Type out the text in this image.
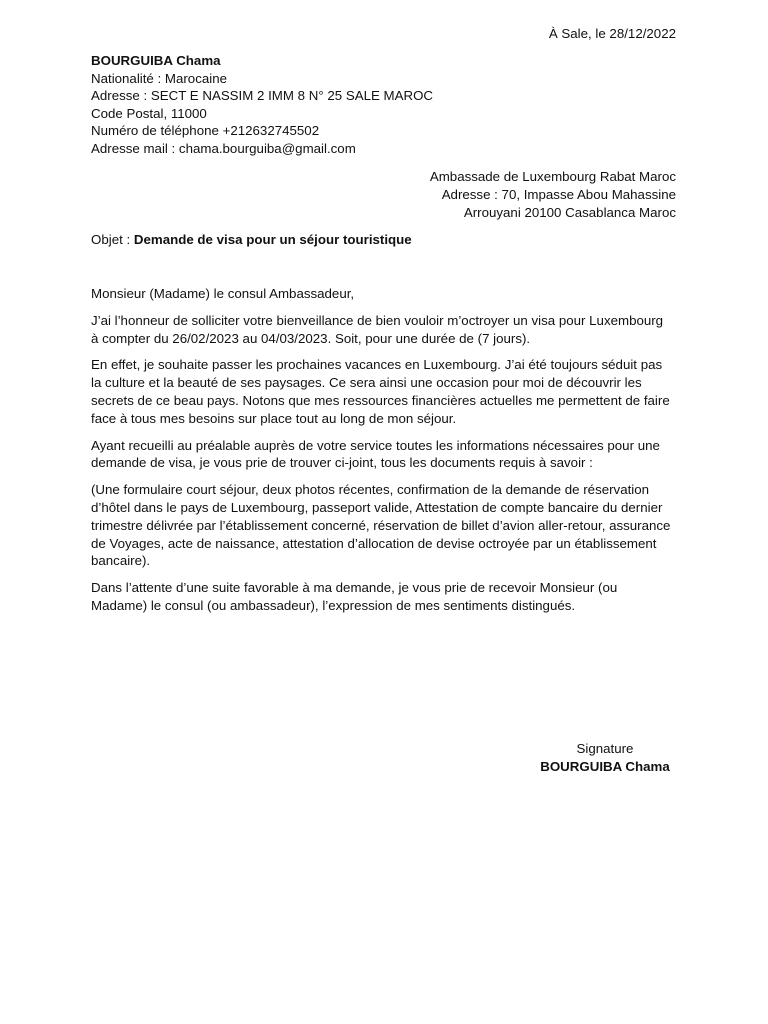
À Sale, le 28/12/2022
BOURGUIBA Chama
Nationalité : Marocaine
Adresse : SECT E NASSIM 2 IMM 8 N° 25 SALE MAROC
Code Postal, 11000
Numéro de téléphone +212632745502
Adresse mail : chama.bourguiba@gmail.com
Ambassade de Luxembourg Rabat Maroc
Adresse : 70, Impasse Abou Mahassine
Arrouyani 20100 Casablanca Maroc
Objet : Demande de visa pour un séjour touristique

Monsieur (Madame) le consul Ambassadeur,

J’ai l’honneur de solliciter votre bienveillance de bien vouloir m’octroyer un visa pour Luxembourg à compter du 26/02/2023 au 04/03/2023. Soit, pour une durée de (7 jours).

En effet, je souhaite passer les prochaines vacances en Luxembourg. J’ai été toujours séduit pas la culture et la beauté de ses paysages. Ce sera ainsi une occasion pour moi de découvrir les secrets de ce beau pays. Notons que mes ressources financières actuelles me permettent de faire face à tous mes besoins sur place tout au long de mon séjour.

Ayant recueilli au préalable auprès de votre service toutes les informations nécessaires pour une demande de visa, je vous prie de trouver ci-joint, tous les documents requis à savoir :

(Une formulaire court séjour, deux photos récentes, confirmation de la demande de réservation d’hôtel dans le pays de Luxembourg, passeport valide, Attestation de compte bancaire du dernier trimestre délivrée par l’établissement concerné, réservation de billet d’avion aller-retour, assurance de Voyages, acte de naissance, attestation d’allocation de devise octroyée par un établissement bancaire).

Dans l’attente d’une suite favorable à ma demande, je vous prie de recevoir Monsieur (ou Madame) le consul (ou ambassadeur), l’expression de mes sentiments distingués.

Signature
BOURGUIBA Chama
